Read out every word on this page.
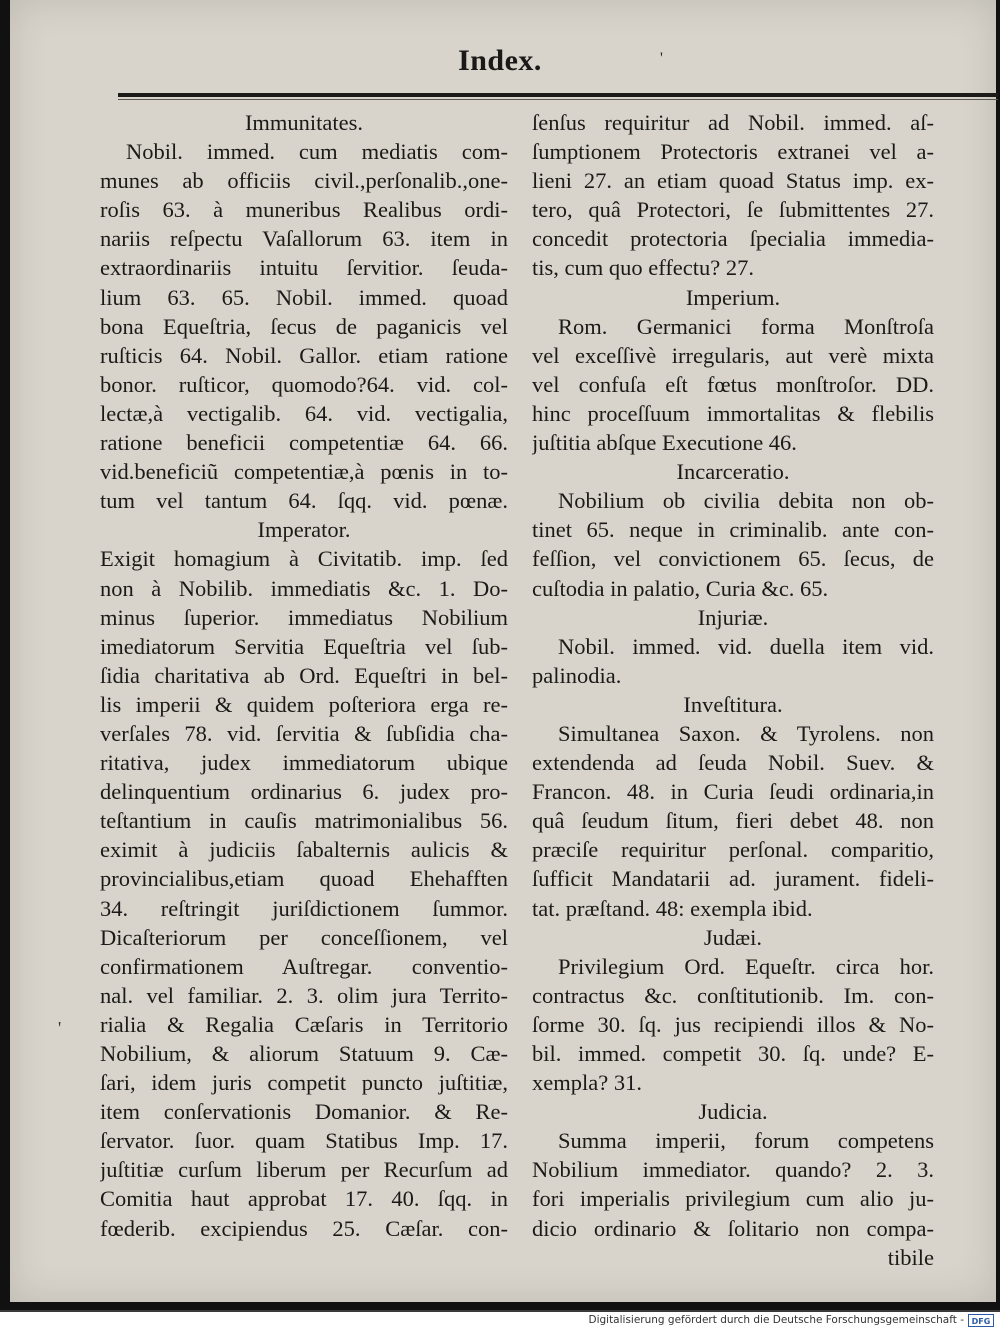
Index.	'
'
Immunitates.
Nobil. immed. cum mediatis com-
munes ab officiis civil.,perſonalib.,one-
roſis 63. à muneribus Realibus ordi-
nariis reſpectu Vaſallorum 63. item in
extraordinariis intuitu ſervitior. ſeuda-
lium 63. 65. Nobil. immed. quoad
bona Equeſtria, ſecus de paganicis vel
ruſticis 64. Nobil. Gallor. etiam ratione
bonor. ruſticor, quomodo?64. vid. col-
lectæ,à vectigalib. 64. vid. vectigalia,
ratione beneficii competentiæ 64. 66.
vid.beneficiũ competentiæ,à pœnis in to-
tum vel tantum 64. ſqq. vid. pœnæ.
Imperator.
Exigit homagium à Civitatib. imp. ſed
non à Nobilib. immediatis &c. 1. Do-
minus ſuperior. immediatus Nobilium
imediatorum Servitia Equeſtria vel ſub-
ſidia charitativa ab Ord. Equeſtri in bel-
lis imperii & quidem poſteriora erga re-
verſales 78. vid. ſervitia & ſubſidia cha-
ritativa, judex immediatorum ubique
delinquentium ordinarius 6. judex pro-
teſtantium in cauſis matrimonialibus 56.
eximit à judiciis ſabalternis aulicis &
provincialibus,etiam quoad Ehehafften
34. reſtringit juriſdictionem ſummor.
Dicaſteriorum per conceſſionem, vel
confirmationem Auſtregar. conventio-
nal. vel familiar. 2. 3. olim jura Territo-
rialia & Regalia Cæſaris in Territorio
Nobilium, & aliorum Statuum 9. Cæ-
ſari, idem juris competit puncto juſtitiæ,
item conſervationis Domanior. & Re-
ſervator. ſuor. quam Statibus Imp. 17.
juſtitiæ curſum liberum per Recurſum ad
Comitia haut approbat 17. 40. ſqq. in
fœderib. excipiendus 25. Cæſar. con-
ſenſus requiritur ad Nobil. immed. aſ-
ſumptionem Protectoris extranei vel a-
lieni 27. an etiam quoad Status imp. ex-
tero, quâ Protectori, ſe ſubmittentes 27.
concedit protectoria ſpecialia immedia-
tis, cum quo effectu? 27.
Imperium.
Rom. Germanici forma Monſtroſa
vel exceſſivè irregularis, aut verè mixta
vel confuſa eſt fœtus monſtroſor. DD.
hinc proceſſuum immortalitas & flebilis
juſtitia abſque Executione 46.
Incarceratio.
Nobilium ob civilia debita non ob-
tinet 65. neque in criminalib. ante con-
feſſion, vel convictionem 65. ſecus, de
cuſtodia in palatio, Curia &c. 65.
Injuriæ.
Nobil. immed. vid. duella item vid.
palinodia.
Inveſtitura.
Simultanea Saxon. & Tyrolens. non
extendenda ad ſeuda Nobil. Suev. &
Francon. 48. in Curia ſeudi ordinaria,in
quâ ſeudum ſitum, fieri debet 48. non
præciſe requiritur perſonal. comparitio,
ſufficit Mandatarii ad. jurament. fideli-
tat. præſtand. 48: exempla ibid.
Judæi.
Privilegium Ord. Equeſtr. circa hor.
contractus &c. conſtitutionib. Im. con-
ſorme 30. ſq. jus recipiendi illos & No-
bil. immed. competit 30. ſq. unde? E-
xempla? 31.
Judicia.
Summa imperii, forum competens
Nobilium immediator. quando? 2. 3.
fori imperialis privilegium cum alio ju-
dicio ordinario & ſolitario non compa-
tibile
Digitalisierung gefördert durch die Deutsche Forschungsgemeinschaft - DFG
